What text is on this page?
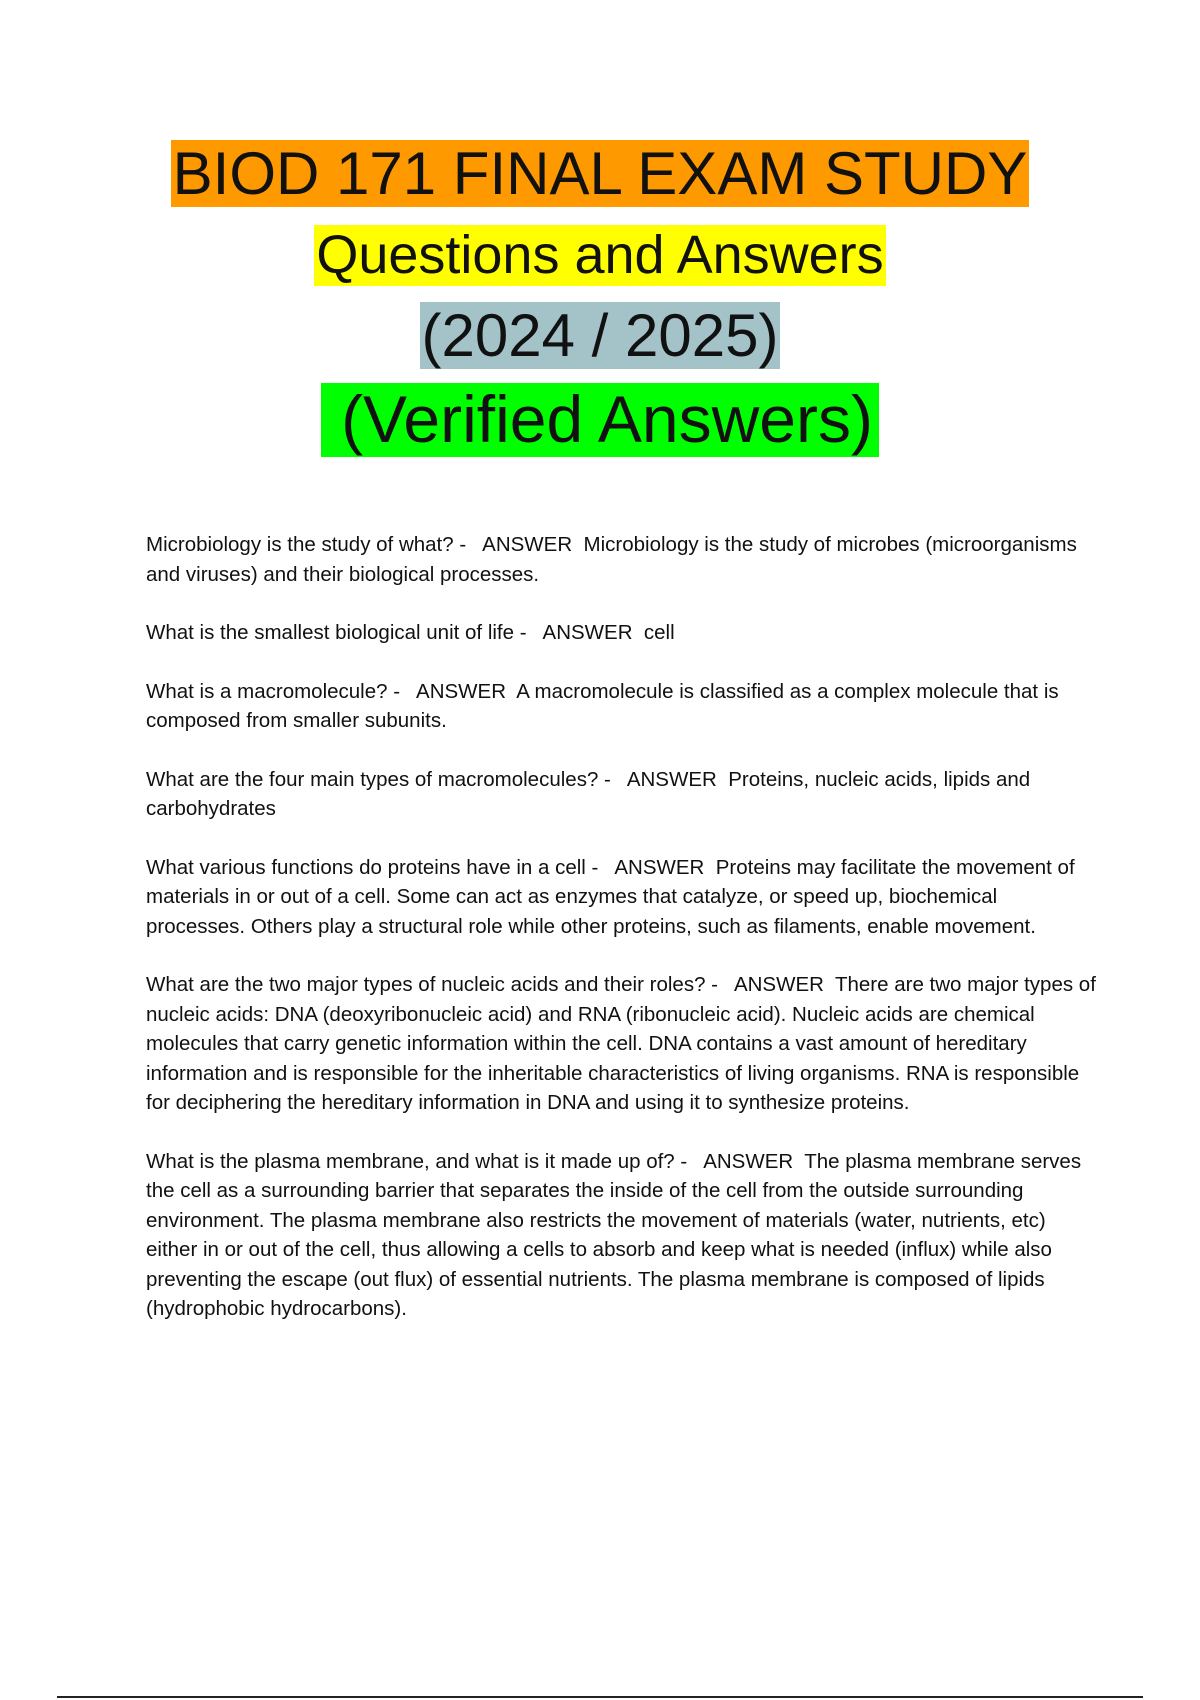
BIOD 171 FINAL EXAM STUDY
Questions and Answers
(2024 / 2025)
(Verified Answers)

Microbiology is the study of what? -   ANSWER Microbiology is the study of microbes (microorganisms and viruses) and their biological processes.

What is the smallest biological unit of life -   ANSWER cell

What is a macromolecule? -   ANSWER A macromolecule is classified as a complex molecule that is composed from smaller subunits.

What are the four main types of macromolecules? -   ANSWER Proteins, nucleic acids, lipids and carbohydrates

What various functions do proteins have in a cell -   ANSWER Proteins may facilitate the movement of materials in or out of a cell. Some can act as enzymes that catalyze, or speed up, biochemical processes. Others play a structural role while other proteins, such as filaments, enable movement.

What are the two major types of nucleic acids and their roles? -   ANSWER There are two major types of nucleic acids: DNA (deoxyribonucleic acid) and RNA (ribonucleic acid). Nucleic acids are chemical molecules that carry genetic information within the cell. DNA contains a vast amount of hereditary information and is responsible for the inheritable characteristics of living organisms. RNA is responsible for deciphering the hereditary information in DNA and using it to synthesize proteins.

What is the plasma membrane, and what is it made up of? -   ANSWER The plasma membrane serves the cell as a surrounding barrier that separates the inside of the cell from the outside surrounding environment. The plasma membrane also restricts the movement of materials (water, nutrients, etc) either in or out of the cell, thus allowing a cells to absorb and keep what is needed (influx) while also preventing the escape (out flux) of essential nutrients. The plasma membrane is composed of lipids (hydrophobic hydrocarbons).
